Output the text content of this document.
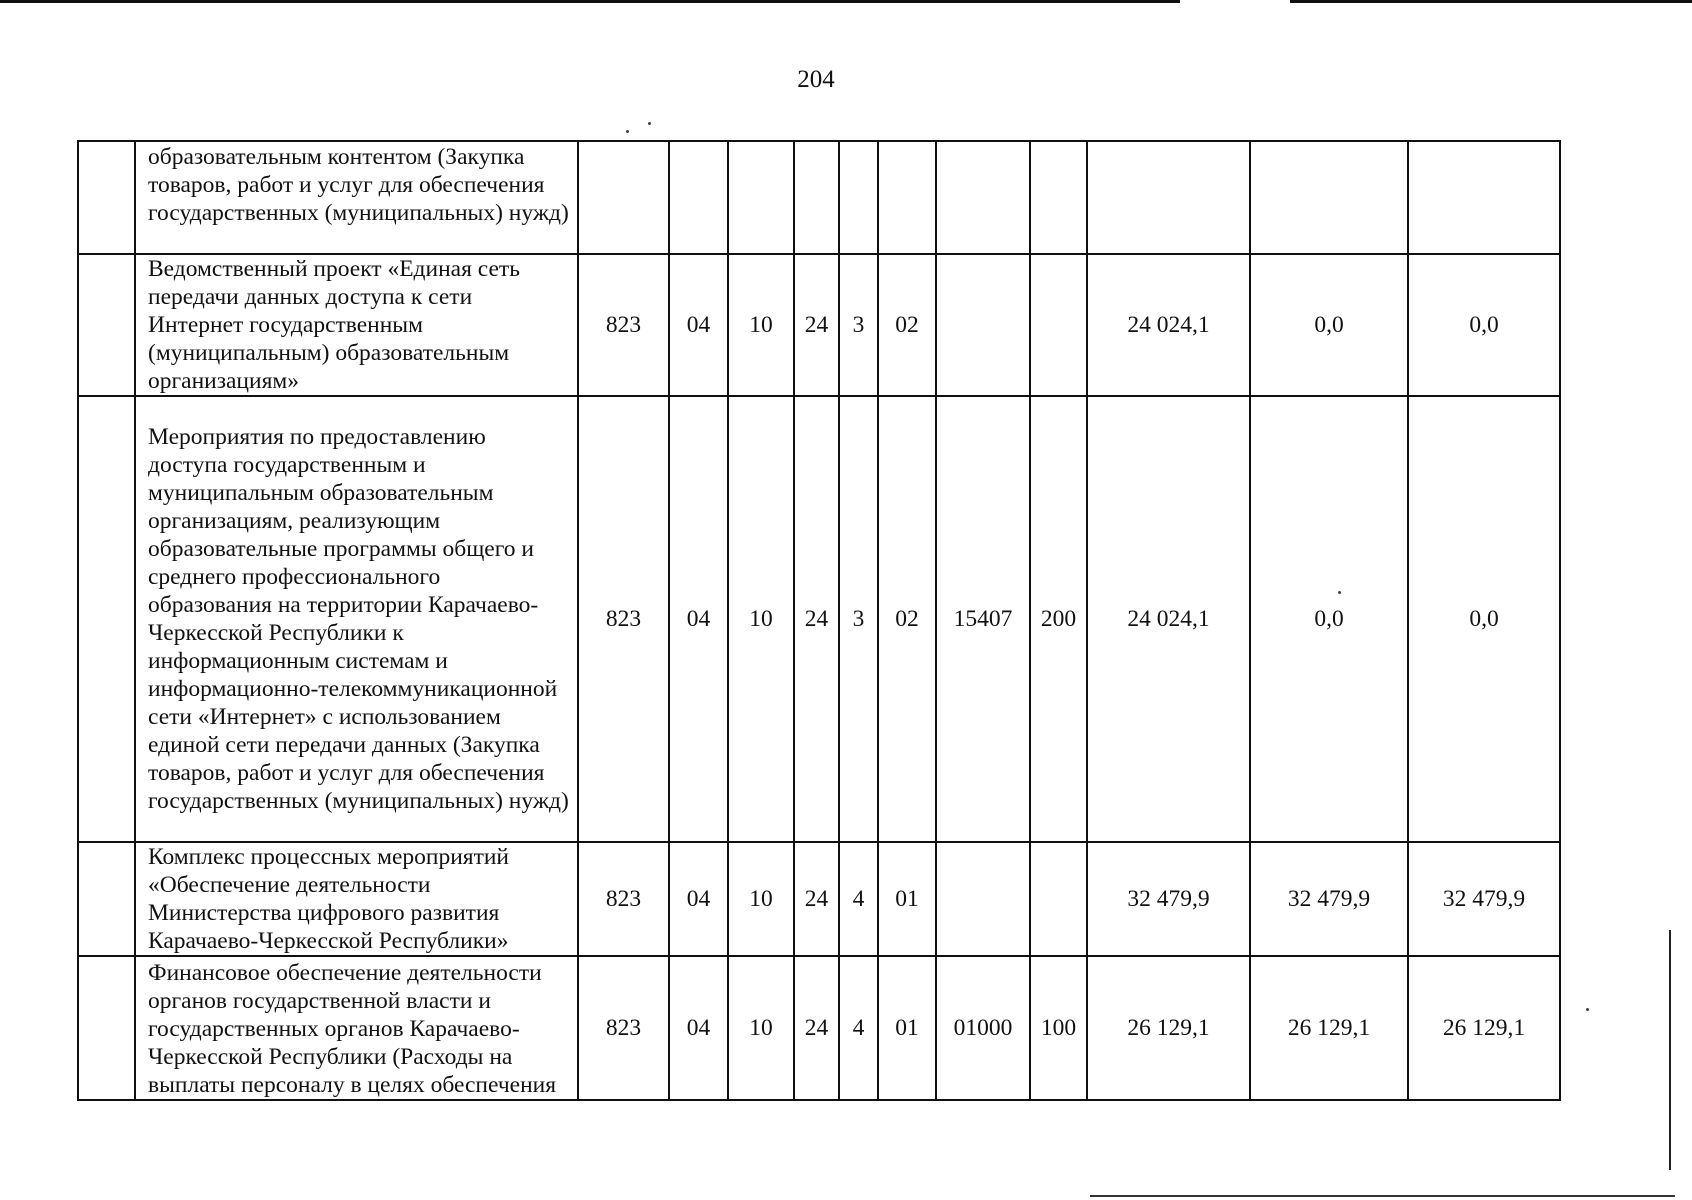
204
	образовательным контентом (Закупка товаров, работ и услуг для обеспечения государственных (муниципальных) нужд)											
	Ведомственный проект «Единая сеть передачи данных доступа к сети Интернет государственным (муниципальным) образовательным организациям»	823	04	10	24	3	02			24 024,1	0,0	0,0
	Мероприятия по предоставлению доступа государственным и муниципальным образовательным организациям, реализующим образовательные программы общего и среднего профессионального образования на территории Карачаево-Черкесской Республики к информационным системам и информационно-телекоммуникационной сети «Интернет» с использованием единой сети передачи данных (Закупка товаров, работ и услуг для обеспечения государственных (муниципальных) нужд)	823	04	10	24	3	02	15407	200	24 024,1	0,0	0,0
	Комплекс процессных мероприятий «Обеспечение деятельности Министерства цифрового развития Карачаево-Черкесской Республики»	823	04	10	24	4	01			32 479,9	32 479,9	32 479,9
	Финансовое обеспечение деятельности органов государственной власти и государственных органов Карачаево-Черкесской Республики (Расходы на выплаты персоналу в целях обеспечения	823	04	10	24	4	01	01000	100	26 129,1	26 129,1	26 129,1
